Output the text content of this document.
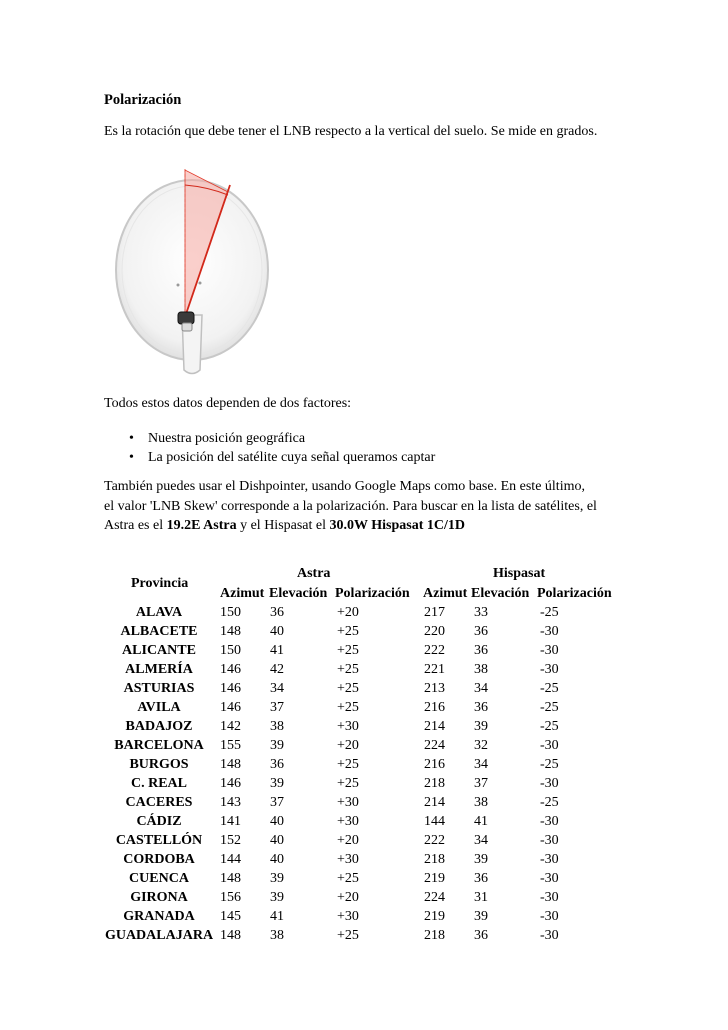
Polarización
Es la rotación que debe tener el LNB respecto a la vertical del suelo. Se mide en grados.
Todos estos datos dependen de dos factores:
• Nuestra posición geográfica
• La posición del satélite cuya señal queramos captar
También puedes usar el Dishpointer, usando Google Maps como base. En este último,
el valor 'LNB Skew' corresponde a la polarización. Para buscar en la lista de satélites, el
Astra es el 19.2E Astra y el Hispasat el 30.0W Hispasat 1C/1D
Provincia
Astra	Hispasat
Azimut Elevación Polarización Azimut Elevación Polarización
ALAVA	150 36	+20	217 33	-25
ALBACETE	148 40	+25	220 36	-30
ALICANTE	150 41	+25	222 36	-30
ALMERÍA	146 42	+25	221 38	-30
ASTURIAS	146 34	+25	213 34	-25
AVILA	146 37	+25	216 36	-25
BADAJOZ	142 38	+30	214 39	-25
BARCELONA	155 39	+20	224 32	-30
BURGOS	148 36	+25	216 34	-25
C. REAL	146 39	+25	218 37	-30
CACERES	143 37	+30	214 38	-25
CÁDIZ	141 40	+30	144 41	-30
CASTELLÓN	152 40	+20	222 34	-30
CORDOBA	144 40	+30	218 39	-30
CUENCA	148 39	+25	219 36	-30
GIRONA	156 39	+20	224 31	-30
GRANADA	145 41	+30	219 39	-30
GUADALAJARA 148 38	+25	218 36	-30
